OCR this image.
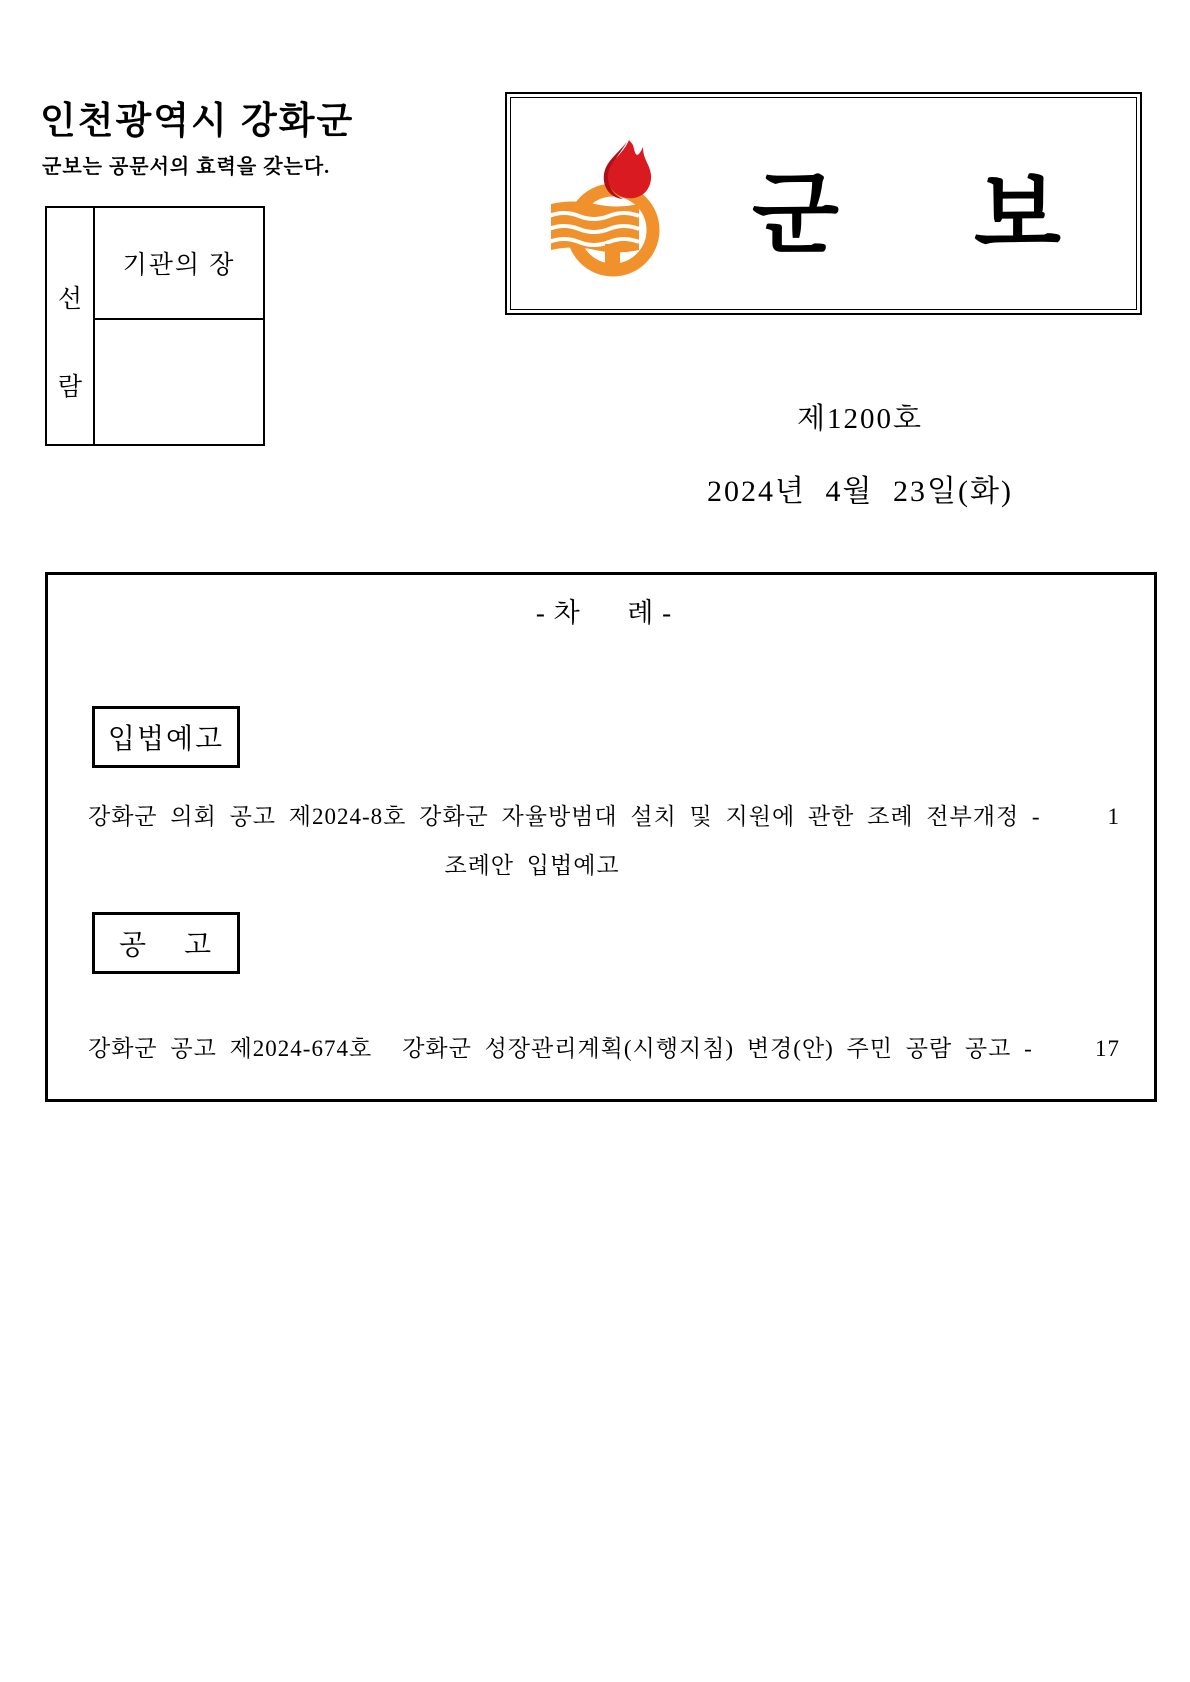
인천광역시 강화군
군보는 공문서의 효력을 갖는다.
선
람
기관의 장
군 보
제1200호
2024년 4월 23일(화)
- 차      례 -
입법예고
강화군 의회 공고 제2024-8호 강화군 자율방범대 설치 및 지원에 관한 조례 전부개정 -	1
조례안 입법예고
공    고
강화군 공고 제2024-674호 강화군 성장관리계획(시행지침) 변경(안) 주민 공람 공고 -	17
